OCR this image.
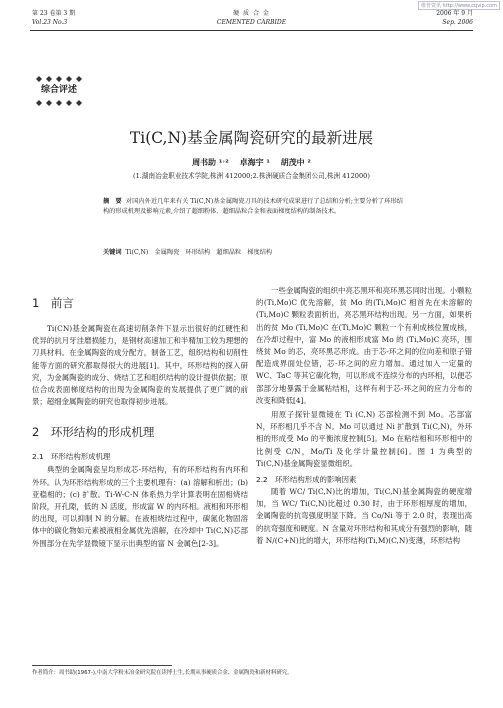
维普资讯 http://www.cqvip.com
第 23 卷第 3 期
Vol.23 No.3
硬 质 合 金
CEMENTED CARBIDE
2006 年 9 月
Sep. 2006
综合评述
Ti(C,N)基金属陶瓷研究的最新进展
周书助 ¹˒² 　卓海宇 ¹ 　胡茂中 ²
(1.湖南冶金职业技术学院,株洲 412000;2.株洲硬质合金集团公司,株洲 412000)
摘　要 对国内外近几年来有关 Ti(C,N)基金属陶瓷刀具的技术研究成果进行了总结和分析;主要分析了环形结构的形成机理及影响元素,介绍了超细粉体、超细晶粒合金和表面梯度结构的制备技术。
关键词 Ti(C,N)　金属陶瓷　环形结构　超细晶粒　梯度结构

1　前言

Ti(CN)基金属陶瓷在高速切削条件下显示出很好的红硬性和优异的抗月牙洼磨损能力，是钢材高速加工和半精加工较为理想的刀具材料。在金属陶瓷的成分配方，制备工艺，组织结构和切削性能等方面的研究都取得很大的进展[1]。其中，环形结构的探入研究，为金属陶瓷的成分、烧结工艺和组织结构的设计提供依据；原位合成表面梯度结构的出现为金属陶瓷的发展提供了更广阔的前景；超细金属陶瓷的研究也取得初步进展。

2　环形结构的形成机理

2.1　环形结构形成机理

典型的金属陶瓷呈均形成芯-环结构，有的环形结构有内环和外环。认为环形结构形成的三个主要机理有：(a) 溶解和析出；(b) 亚稳相的；(c) 扩散。Ti-W-C-N 体系热力学计算表明在固相烧结阶段，开孔隙，低的 N 活度，形成富 W 的内环相。液相和环形相的出现，可以抑制 N 的分解。在液相烧结过程中，碳氮化物固溶体中的碳化物如元素被液相金属优先溶解，在冷却中 Ti(C,N)芯部外围部分在先学显微镜下显示出典型的富 N 金属色[2-3]。

一些金属陶瓷的组织中亮芯黑环和亮环黑芯同时出现。小颗粒的(Ti,Mo)C 优先溶解，贫 Mo 的(Ti,Mo)C 相首先在未溶解的(Ti,Mo)C 颗粒表面析出，亮芯黑环结构出现。另一方面，如果析出的贫 Mo (Ti,Mo)C 在(Ti,Mo)C 颗粒一个有利成核位置成核，在冷却过程中，富 Mo 的液相形成富 Mo 的 (Ti,Mo)C 亮环，围绕贫 Mo 的芯，亮环黑芯形成。由于芯-环之间的位向差和原子错配造成界面处位错，芯-环之间的应力增加。通过加入一定量的 WC、TaC 等其它碳化物，可以形成不连续分布的内环相，以便芯部部分地暴露于金属粘结相，这样有利于芯-环之间的应力分布的改变和降低[4]。

用原子探针显微镜在 Ti (C,N) 芯部检测不到 Mo。芯部富 N，环形相几乎不含 N。Mo 可以通过 Ni 扩散到 Ti(C,N)，外环相的形成受 Mo 的平衡浓度控制[5]。Mo 在粘结相和环形相中的比例受 C/N，Mo/Ti 及化学计量控制[6]。图 1 为典型的 Ti(C,N)基金属陶瓷显微组织。

2.2　环形结构形成的影响因素

随着 WC/ Ti(C,N)比的增加，Ti(C,N)基金属陶瓷的硬度增加，当 WC/ Ti(C,N)比超过 0.30 时，由于环形相厚度的增加，金属陶瓷的抗弯强度明显下降。当 Co/Ni 等于 2.0 时，表现出高的抗弯强度和硬度。N 含量对环形结构和其成分有强烈的影响，随着 N/(C+N)比的增大，环形结构(Ti,M)(C,N)变薄，环形结构

作者简介：周书助(1967-),中南大学粉末冶金研究院在读博士生,长期从事硬质合金、金属陶瓷和新材料研究。
